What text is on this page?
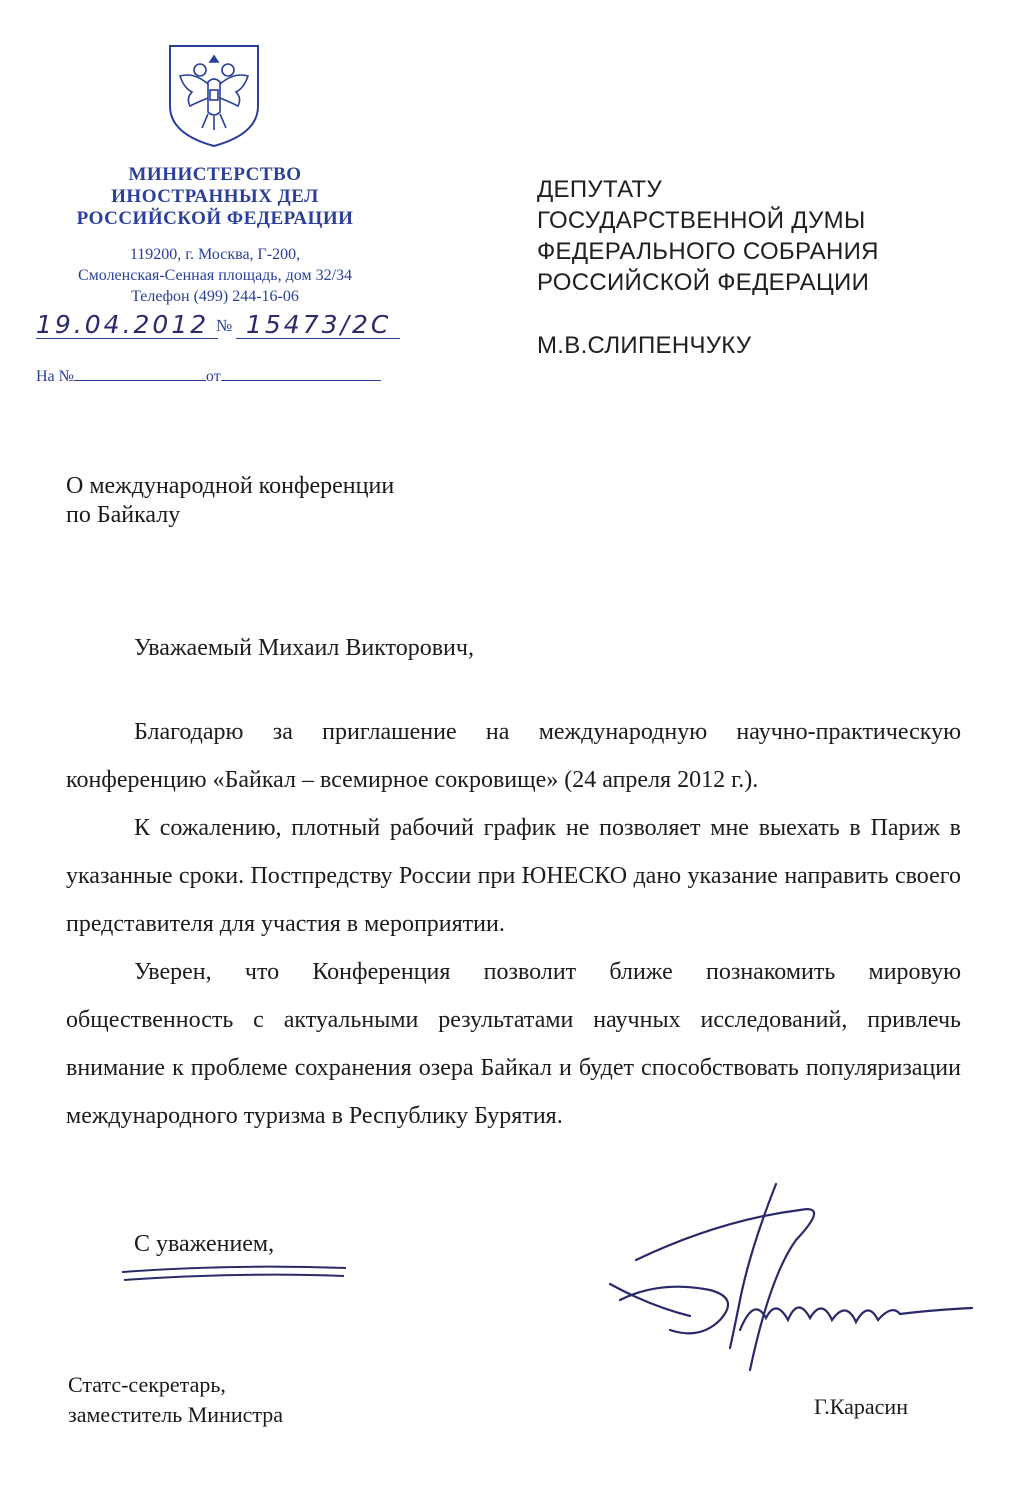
МИНИСТЕРСТВО
ИНОСТРАННЫХ ДЕЛ
РОССИЙСКОЙ ФЕДЕРАЦИИ
119200, г. Москва, Г-200,
Смоленская-Сенная площадь, дом 32/34
Телефон (499) 244-16-06
19.04.2012 № 15473/2С
На №	от
ДЕПУТАТУ
ГОСУДАРСТВЕННОЙ ДУМЫ
ФЕДЕРАЛЬНОГО СОБРАНИЯ
РОССИЙСКОЙ ФЕДЕРАЦИИ
М.В.СЛИПЕНЧУКУ
О международной конференции
по Байкалу
Уважаемый Михаил Викторович,

Благодарю за приглашение на международную научно-практическую конференцию «Байкал – всемирное сокровище» (24 апреля 2012 г.).

К сожалению, плотный рабочий график не позволяет мне выехать в Париж в указанные сроки. Постпредству России при ЮНЕСКО дано указание направить своего представителя для участия в мероприятии.

Уверен, что Конференция позволит ближе познакомить мировую общественность с актуальными результатами научных исследований, привлечь внимание к проблеме сохранения озера Байкал и будет способствовать популяризации международного туризма в Республику Бурятия.

С уважением,
Статс-секретарь,
заместитель Министра	Г.Карасин
